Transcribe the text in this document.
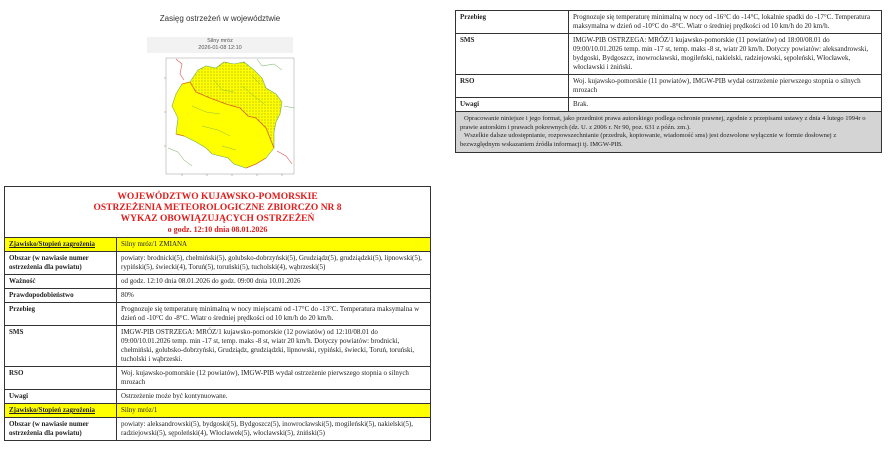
Zasięg ostrzeżeń w województwie
Silny mróz
2026-01-08 12:10
WOJEWÓDZTWO KUJAWSKO-POMORSKIE
OSTRZEŻENIA METEOROLOGICZNE ZBIORCZO NR 8
WYKAZ OBOWIĄZUJĄCYCH OSTRZEŻEŃ
o godz. 12:10 dnia 08.01.2026	

Zjawisko/Stopień zagrożenia	Silny mróz/1 ZMIANA
Obszar (w nawiasie numer ostrzeżenia dla powiatu)	powiaty: brodnicki(5), chełmiński(5), golubsko-dobrzyński(5), Grudziądz(5), grudziądzki(5), lipnowski(5), rypiński(5), świecki(4), Toruń(5), toruński(5), tucholski(4), wąbrzeski(5)
Ważność	od godz. 12:10 dnia 08.01.2026 do godz. 09:00 dnia 10.01.2026
Prawdopodobieństwo	80%
Przebieg	Prognozuje się temperaturę minimalną w nocy miejscami od -17°C do -13°C. Temperatura maksymalna w dzień od -10°C do -8°C. Wiatr o średniej prędkości od 10 km/h do 20 km/h.
SMS	IMGW-PIB OSTRZEGA: MRÓZ/1 kujawsko-pomorskie (12 powiatów) od 12:10/08.01 do 09:00/10.01.2026 temp. min -17 st, temp. maks -8 st, wiatr 20 km/h. Dotyczy powiatów: brodnicki, chełmiński, golubsko-dobrzyński, Grudziądz, grudziądzki, lipnowski, rypiński, świecki, Toruń, toruński, tucholski i wąbrzeski.
RSO	Woj. kujawsko-pomorskie (12 powiatów), IMGW-PIB wydał ostrzeżenie pierwszego stopnia o silnych mrozach
Uwagi	Ostrzeżenie może być kontynuowane.
Zjawisko/Stopień zagrożenia	Silny mróz/1
Obszar (w nawiasie numer ostrzeżenia dla powiatu)	powiaty: aleksandrowski(5), bydgoski(5), Bydgoszcz(5), inowrocławski(5), mogileński(5), nakielski(5), radziejowski(5), sępoleński(4), Włocławek(5), włocławski(5), żniński(5)
Przebieg	Prognozuje się temperaturę minimalną w nocy od -16°C do -14°C, lokalnie spadki do -17°C. Temperatura maksymalna w dzień od -10°C do -8°C. Wiatr o średniej prędkości od 10 km/h do 20 km/h.
SMS	IMGW-PIB OSTRZEGA: MRÓZ/1 kujawsko-pomorskie (11 powiatów) od 18:00/08.01 do 09:00/10.01.2026 temp. min -17 st, temp. maks -8 st, wiatr 20 km/h. Dotyczy powiatów: aleksandrowski, bydgoski, Bydgoszcz, inowrocławski, mogileński, nakielski, radziejowski, sępoleński, Włocławek, włocławski i żniński.
RSO	Woj. kujawsko-pomorskie (11 powiatów), IMGW-PIB wydał ostrzeżenie pierwszego stopnia o silnych mrozach
Uwagi	Brak.

Opracowanie niniejsze i jego format, jako przedmiot prawa autorskiego podlega ochronie prawnej, zgodnie z przepisami ustawy z dnia 4 lutego 1994r o prawie autorskim i prawach pokrewnych (dz. U. z 2006 r. Nr 90, poz. 631 z późn. zm.).

Wszelkie dalsze udostępnianie, rozpowszechnianie (przedruk, kopiowanie, wiadomość sms) jest dozwolone wyłącznie w formie dosłownej z bezwzględnym wskazaniem źródła informacji tj. IMGW-PIB.	
